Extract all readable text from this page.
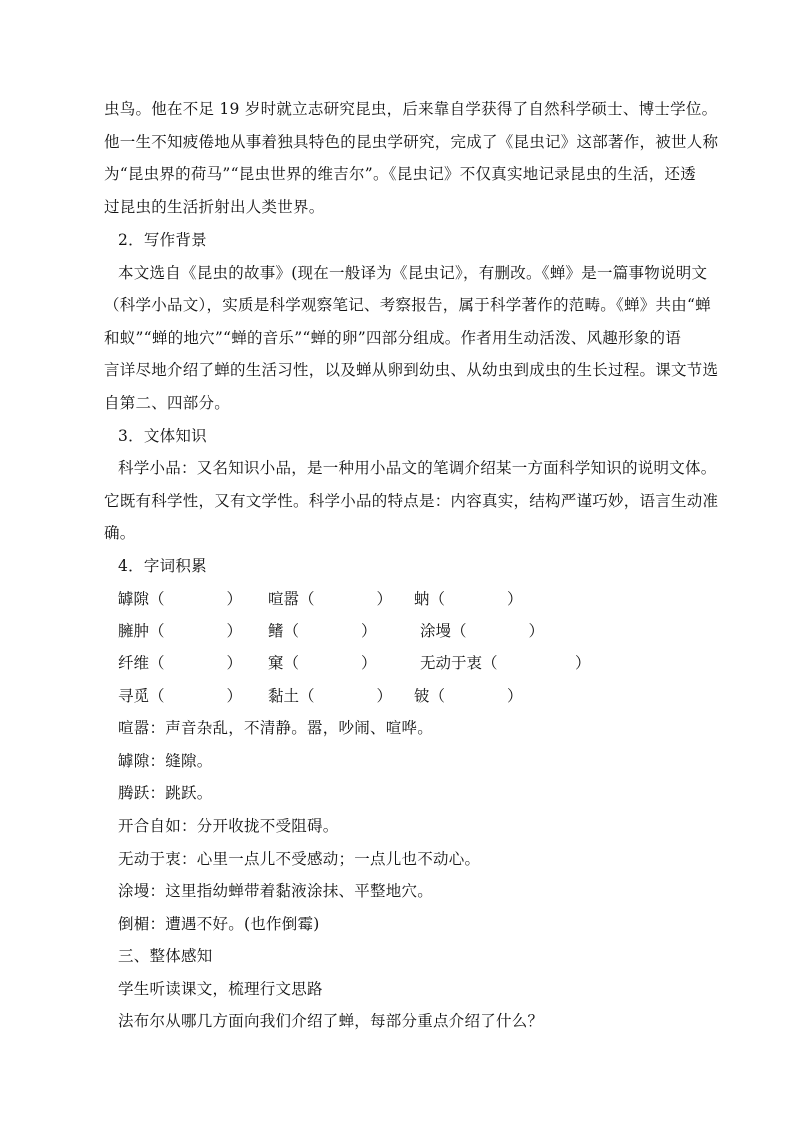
虫鸟。他在不足 19 岁时就立志研究昆虫，后来靠自学获得了自然科学硕士、博士学位。
他一生不知疲倦地从事着独具特色的昆虫学研究，完成了《昆虫记》这部著作，被世人称
为“昆虫界的荷马”“昆虫世界的维吉尔”。《昆虫记》不仅真实地记录昆虫的生活，还透
过昆虫的生活折射出人类世界。
2．写作背景
本文选自《昆虫的故事》(现在一般译为《昆虫记》，有删改。《蝉》是一篇事物说明文
（科学小品文），实质是科学观察笔记、考察报告，属于科学著作的范畴。《蝉》共由“蝉
和蚁”“蝉的地穴”“蝉的音乐”“蝉的卵”四部分组成。作者用生动活泼、风趣形象的语
言详尽地介绍了蝉的生活习性，以及蝉从卵到幼虫、从幼虫到成虫的生长过程。课文节选
自第二、四部分。
3．文体知识
科学小品：又名知识小品，是一种用小品文的笔调介绍某一方面科学知识的说明文体。
它既有科学性，又有文学性。科学小品的特点是：内容真实，结构严谨巧妙，语言生动准
确。
4．字词积累
罅隙（　　　　） 喧嚣（　　　　） 蚋（　　　　）
臃肿（　　　　） 鳍（　　　　）	涂墁（　　　　）
纤维（　　　　） 窠（　　　　）	无动于衷（　　　　　）
寻觅（　　　　） 黏土（　　　　） 铍（　　　　）
喧嚣：声音杂乱，不清静。嚣，吵闹、喧哗。
罅隙：缝隙。
腾跃：跳跃。
开合自如：分开收拢不受阻碍。
无动于衷：心里一点儿不受感动；一点儿也不动心。
涂墁：这里指幼蝉带着黏液涂抹、平整地穴。
倒楣：遭遇不好。(也作倒霉)
三、整体感知
学生听读课文，梳理行文思路
法布尔从哪几方面向我们介绍了蝉，每部分重点介绍了什么？
